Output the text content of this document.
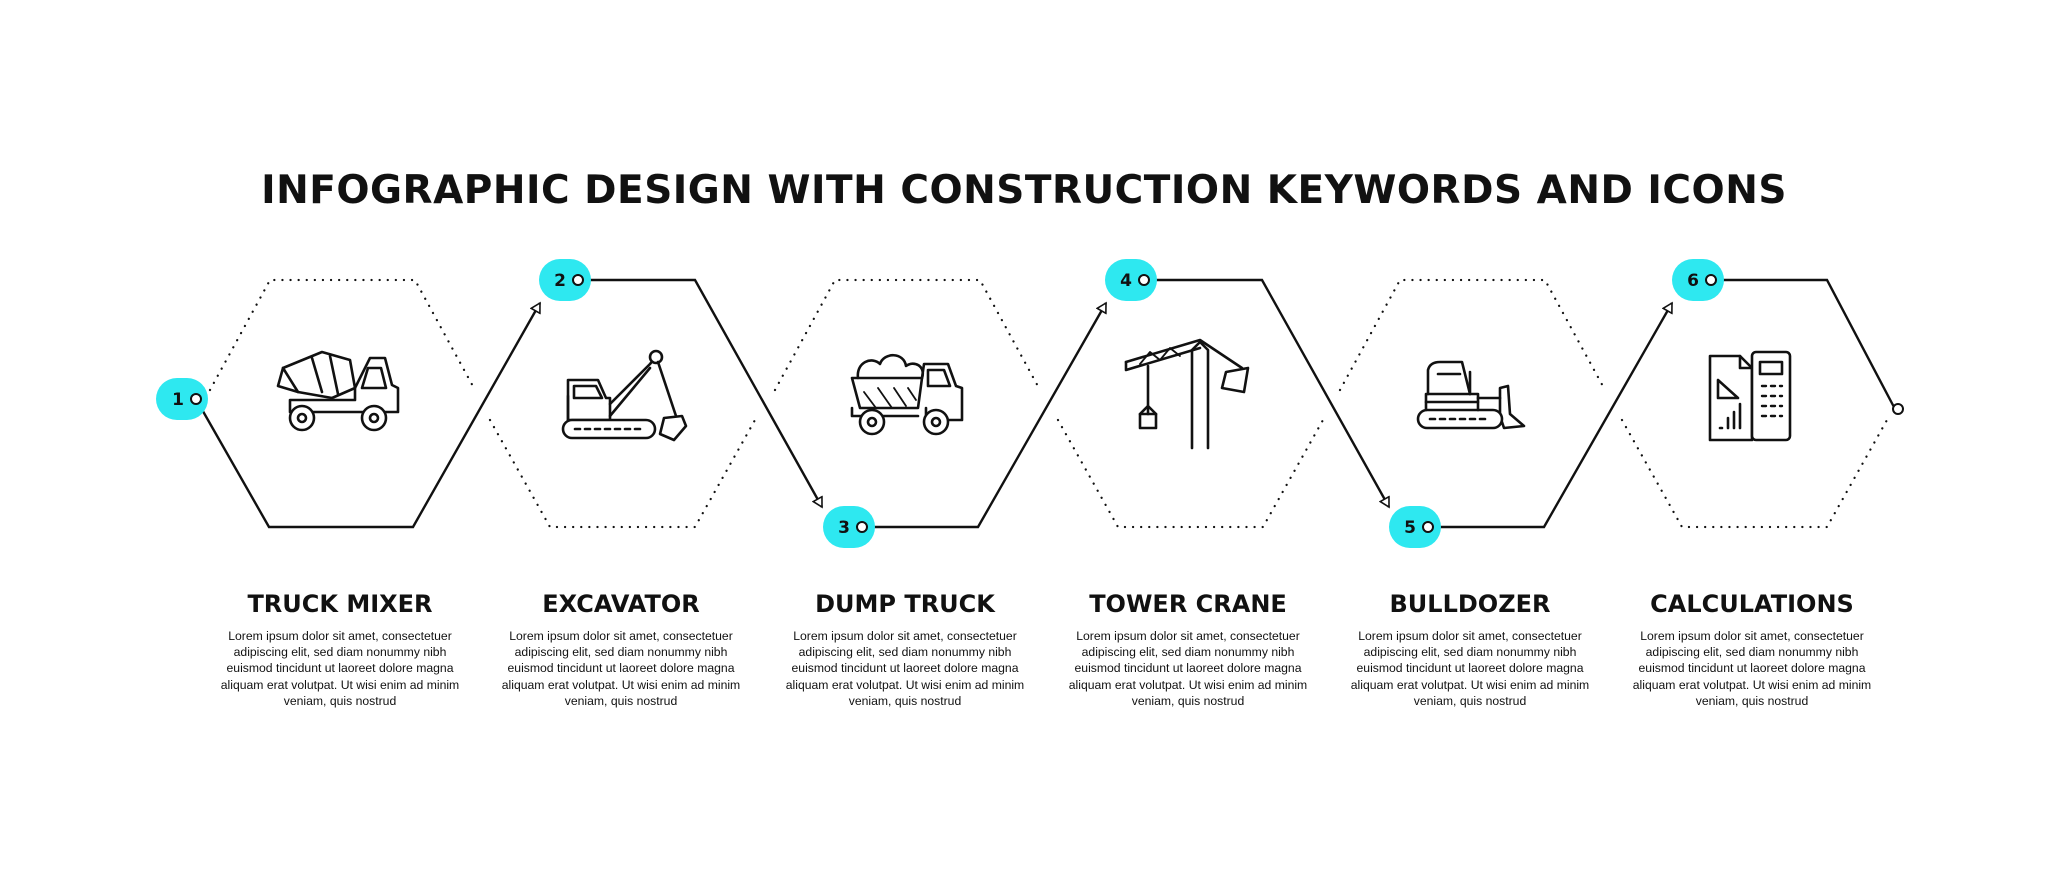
INFOGRAPHIC DESIGN WITH CONSTRUCTION KEYWORDS AND ICONS
1
2
3
4
5
6
TRUCK MIXER

Lorem ipsum dolor sit amet, consectetuer adipiscing elit, sed diam nonummy nibh euismod tincidunt ut laoreet dolore magna aliquam erat volutpat. Ut wisi enim ad minim veniam, quis nostrud

EXCAVATOR

Lorem ipsum dolor sit amet, consectetuer adipiscing elit, sed diam nonummy nibh euismod tincidunt ut laoreet dolore magna aliquam erat volutpat. Ut wisi enim ad minim veniam, quis nostrud

DUMP TRUCK

Lorem ipsum dolor sit amet, consectetuer adipiscing elit, sed diam nonummy nibh euismod tincidunt ut laoreet dolore magna aliquam erat volutpat. Ut wisi enim ad minim veniam, quis nostrud

TOWER CRANE

Lorem ipsum dolor sit amet, consectetuer adipiscing elit, sed diam nonummy nibh euismod tincidunt ut laoreet dolore magna aliquam erat volutpat. Ut wisi enim ad minim veniam, quis nostrud

BULLDOZER

Lorem ipsum dolor sit amet, consectetuer adipiscing elit, sed diam nonummy nibh euismod tincidunt ut laoreet dolore magna aliquam erat volutpat. Ut wisi enim ad minim veniam, quis nostrud

CALCULATIONS

Lorem ipsum dolor sit amet, consectetuer adipiscing elit, sed diam nonummy nibh euismod tincidunt ut laoreet dolore magna aliquam erat volutpat. Ut wisi enim ad minim veniam, quis nostrud
